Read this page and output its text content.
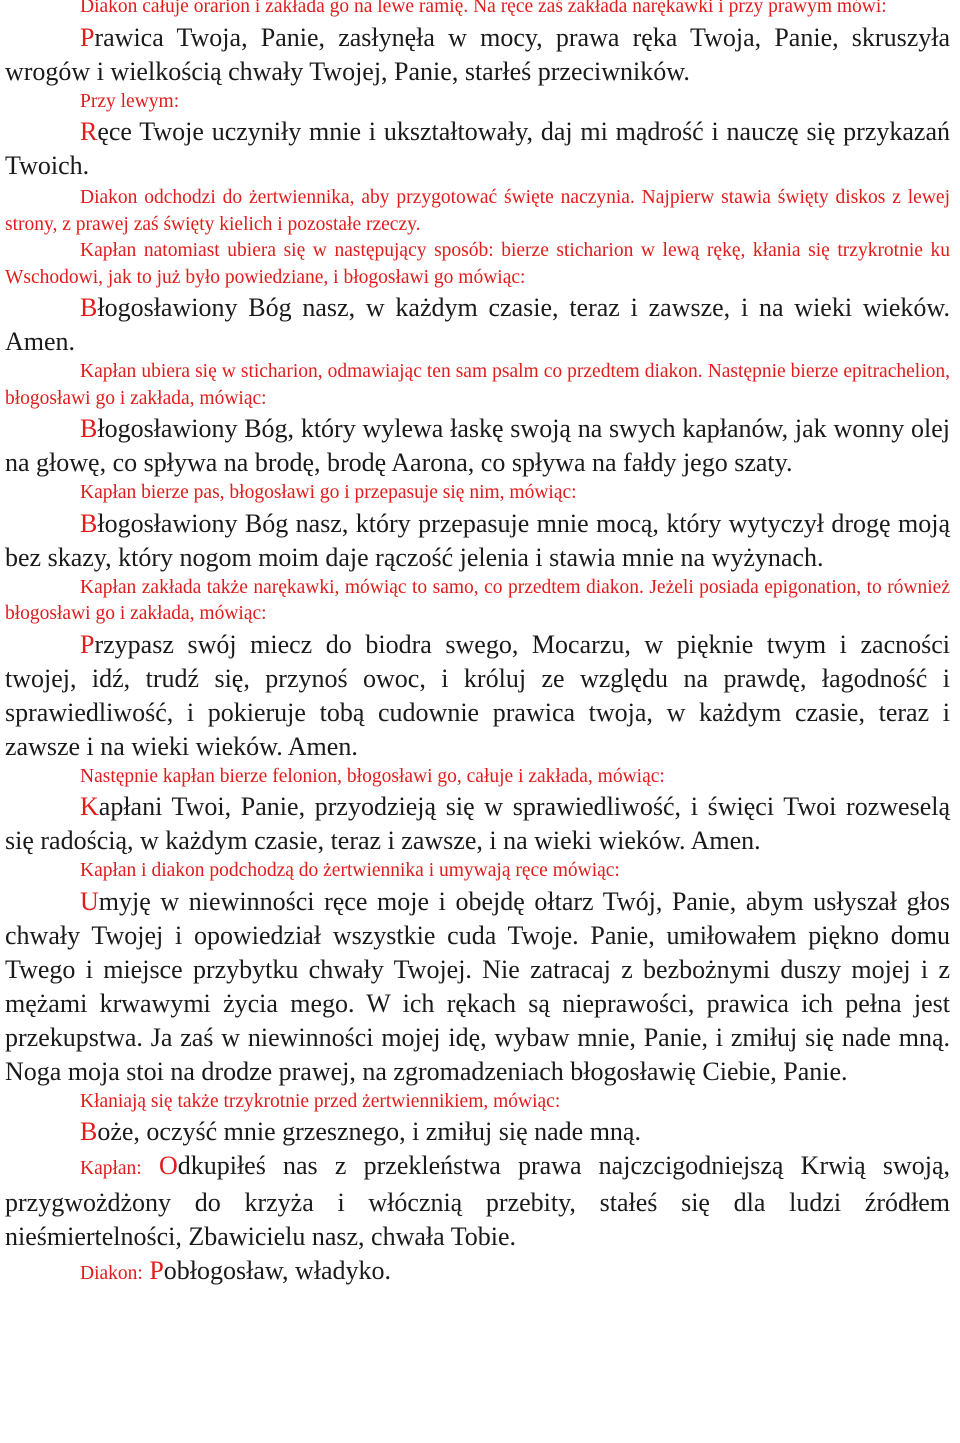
Diakon całuje orarion i zakłada go na lewe ramię. Na ręce zaś zakłada narękawki i przy prawym mówi:

Prawica Twoja, Panie, zasłynęła w mocy, prawa ręka Twoja, Panie, skruszyła wrogów i wielkością chwały Twojej, Panie, starłeś przeciwników.

Przy lewym:

Ręce Twoje uczyniły mnie i ukształtowały, daj mi mądrość i nauczę się przykazań Twoich.

Diakon odchodzi do żertwiennika, aby przygotować święte naczynia. Najpierw stawia święty diskos z lewej strony, z prawej zaś święty kielich i pozostałe rzeczy.

Kapłan natomiast ubiera się w następujący sposób: bierze sticharion w lewą rękę, kłania się trzykrotnie ku Wschodowi, jak to już było powiedziane, i błogosławi go mówiąc:

Błogosławiony Bóg nasz, w każdym czasie, teraz i zawsze, i na wieki wieków. Amen.

Kapłan ubiera się w sticharion, odmawiając ten sam psalm co przedtem diakon. Następnie bierze epitrachelion, błogosławi go i zakłada, mówiąc:

Błogosławiony Bóg, który wylewa łaskę swoją na swych kapłanów, jak wonny olej na głowę, co spływa na brodę, brodę Aarona, co spływa na fałdy jego szaty.

Kapłan bierze pas, błogosławi go i przepasuje się nim, mówiąc:

Błogosławiony Bóg nasz, który przepasuje mnie mocą, który wytyczył drogę moją bez skazy, który nogom moim daje rączość jelenia i stawia mnie na wyżynach.

Kapłan zakłada także narękawki, mówiąc to samo, co przedtem diakon. Jeżeli posiada epigonation, to również błogosławi go i zakłada, mówiąc:

Przypasz swój miecz do biodra swego, Mocarzu, w pięknie twym i zacności twojej, idź, trudź się, przynoś owoc, i króluj ze względu na prawdę, łagodność i sprawiedliwość, i pokieruje tobą cudownie prawica twoja, w każdym czasie, teraz i zawsze i na wieki wieków. Amen.

Następnie kapłan bierze felonion, błogosławi go, całuje i zakłada, mówiąc:

Kapłani Twoi, Panie, przyodzieją się w sprawiedliwość, i święci Twoi rozweselą się radością, w każdym czasie, teraz i zawsze, i na wieki wieków. Amen.

Kapłan i diakon podchodzą do żertwiennika i umywają ręce mówiąc:

Umyję w niewinności ręce moje i obejdę ołtarz Twój, Panie, abym usłyszał głos chwały Twojej i opowiedział wszystkie cuda Twoje. Panie, umiłowałem piękno domu Twego i miejsce przybytku chwały Twojej. Nie zatracaj z bezbożnymi duszy mojej i z mężami krwawymi życia mego. W ich rękach są nieprawości, prawica ich pełna jest przekupstwa. Ja zaś w niewinności mojej idę, wybaw mnie, Panie, i zmiłuj się nade mną. Noga moja stoi na drodze prawej, na zgromadzeniach błogosławię Ciebie, Panie.

Kłaniają się także trzykrotnie przed żertwiennikiem, mówiąc:

Boże, oczyść mnie grzesznego, i zmiłuj się nade mną.

Kapłan: Odkupiłeś nas z przekleństwa prawa najczcigodniejszą Krwią swoją, przygwożdżony do krzyża i włócznią przebity, stałeś się dla ludzi źródłem nieśmiertelności, Zbawicielu nasz, chwała Tobie.

Diakon: Pobłogosław, władyko.
